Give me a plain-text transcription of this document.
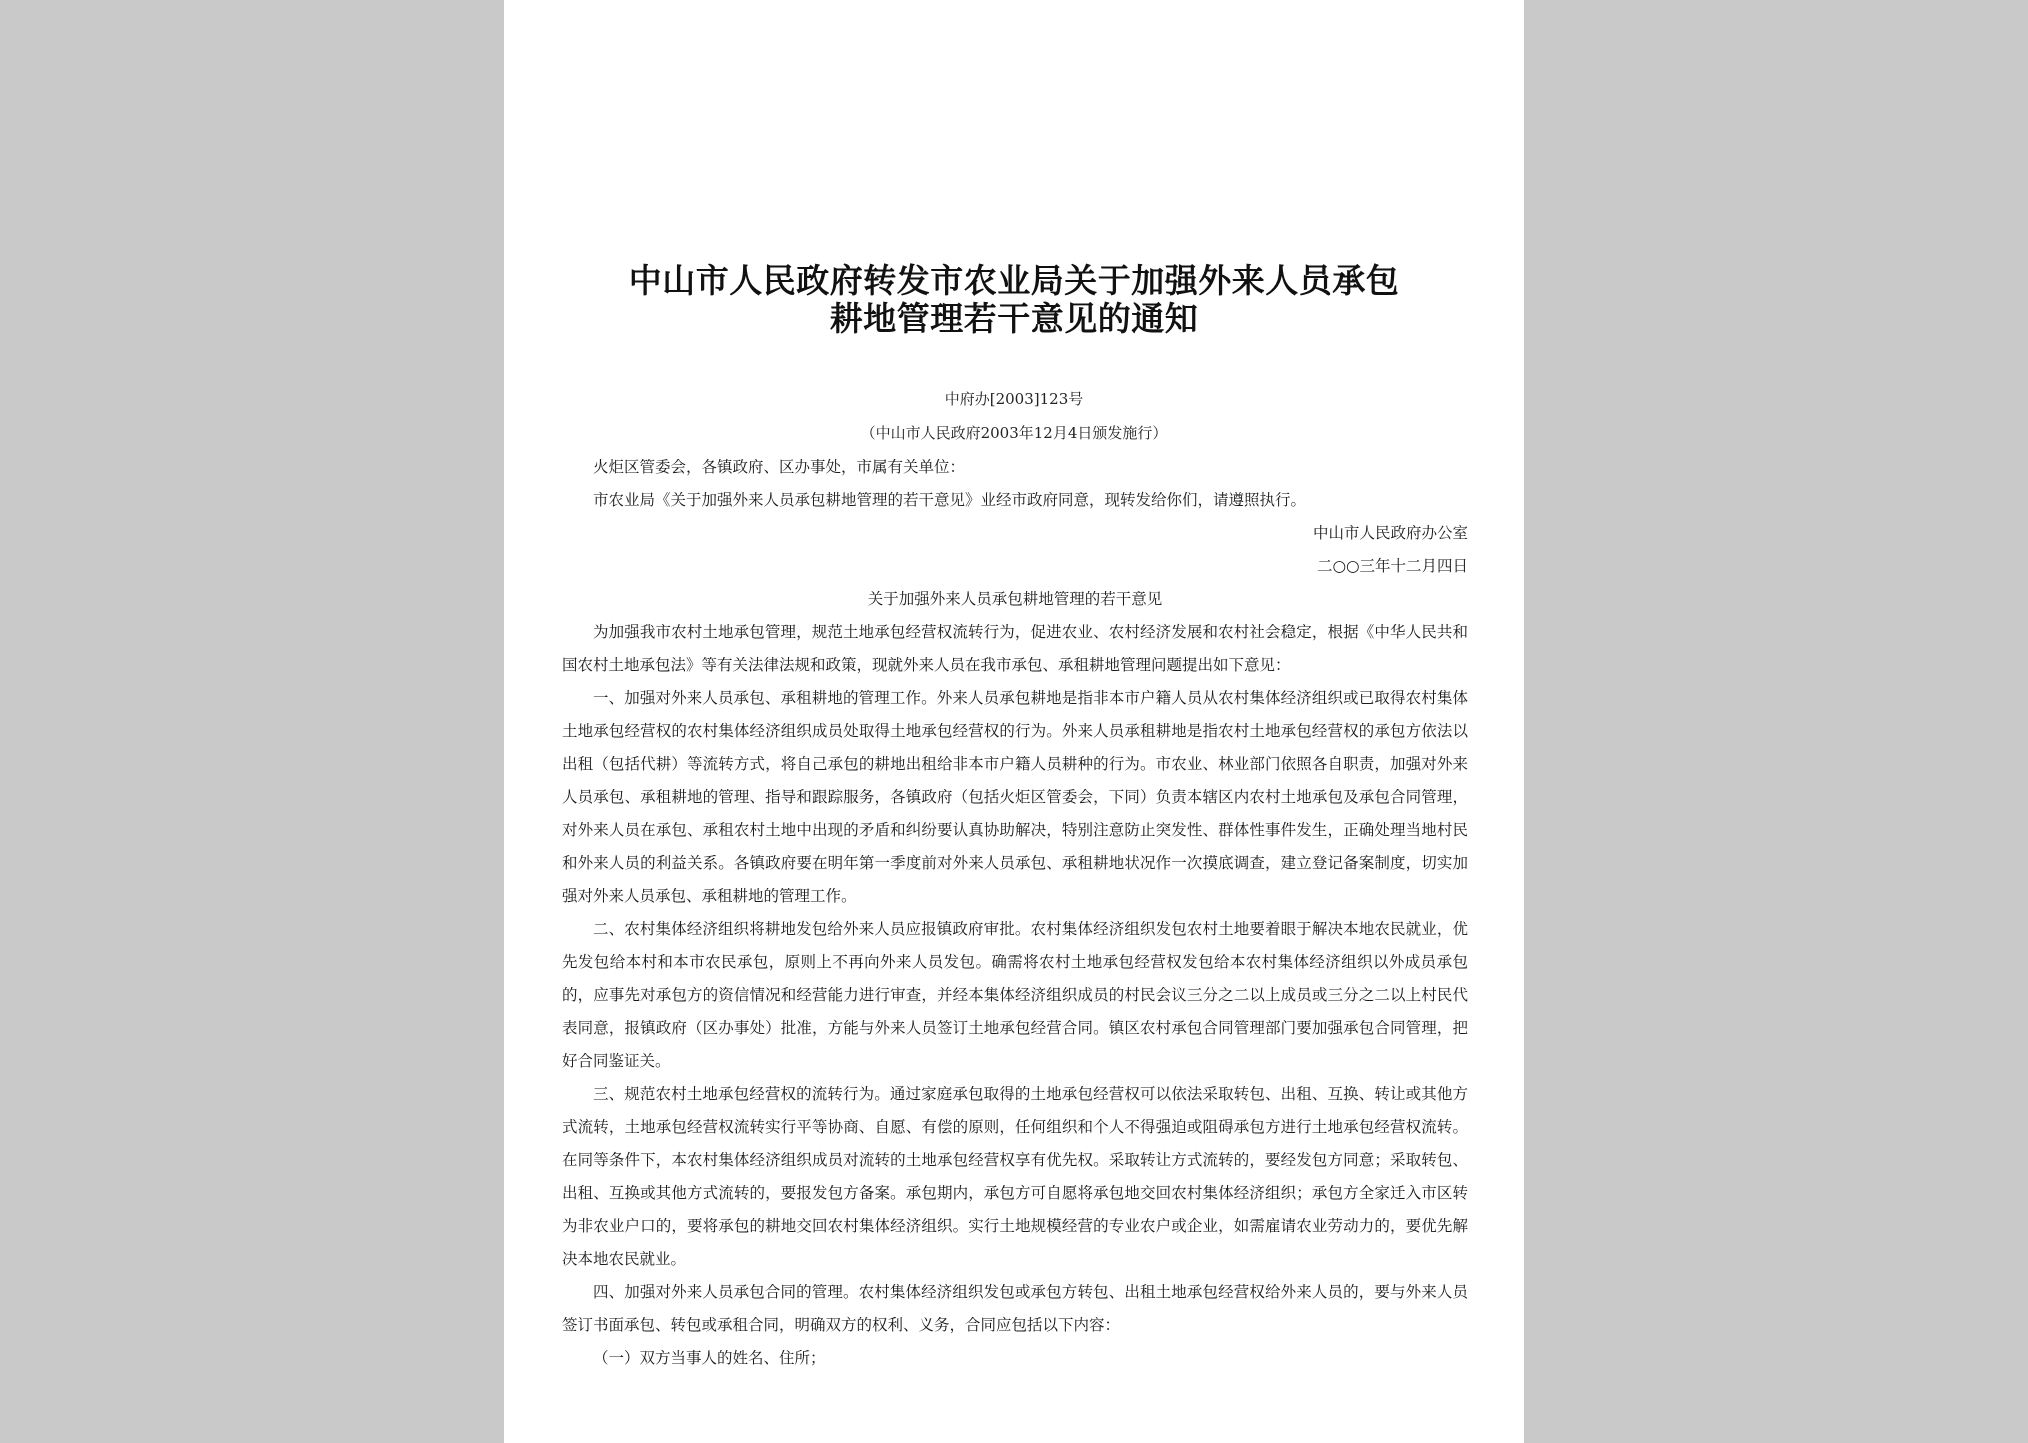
中山市人民政府转发市农业局关于加强外来人员承包
耕地管理若干意见的通知
中府办[2003]123号
（中山市人民政府2003年12月4日颁发施行）

火炬区管委会，各镇政府、区办事处，市属有关单位：

市农业局《关于加强外来人员承包耕地管理的若干意见》业经市政府同意，现转发给你们，请遵照执行。

中山市人民政府办公室

二○○三年十二月四日

关于加强外来人员承包耕地管理的若干意见

为加强我市农村土地承包管理，规范土地承包经营权流转行为，促进农业、农村经济发展和农村社会稳定，根据《中华人民共和国农村土地承包法》等有关法律法规和政策，现就外来人员在我市承包、承租耕地管理问题提出如下意见：

一、加强对外来人员承包、承租耕地的管理工作。外来人员承包耕地是指非本市户籍人员从农村集体经济组织或已取得农村集体土地承包经营权的农村集体经济组织成员处取得土地承包经营权的行为。外来人员承租耕地是指农村土地承包经营权的承包方依法以出租（包括代耕）等流转方式，将自己承包的耕地出租给非本市户籍人员耕种的行为。市农业、林业部门依照各自职责，加强对外来人员承包、承租耕地的管理、指导和跟踪服务，各镇政府（包括火炬区管委会，下同）负责本辖区内农村土地承包及承包合同管理，对外来人员在承包、承租农村土地中出现的矛盾和纠纷要认真协助解决，特别注意防止突发性、群体性事件发生，正确处理当地村民和外来人员的利益关系。各镇政府要在明年第一季度前对外来人员承包、承租耕地状况作一次摸底调查，建立登记备案制度，切实加强对外来人员承包、承租耕地的管理工作。

二、农村集体经济组织将耕地发包给外来人员应报镇政府审批。农村集体经济组织发包农村土地要着眼于解决本地农民就业，优先发包给本村和本市农民承包，原则上不再向外来人员发包。确需将农村土地承包经营权发包给本农村集体经济组织以外成员承包的，应事先对承包方的资信情况和经营能力进行审查，并经本集体经济组织成员的村民会议三分之二以上成员或三分之二以上村民代表同意，报镇政府（区办事处）批准，方能与外来人员签订土地承包经营合同。镇区农村承包合同管理部门要加强承包合同管理，把好合同鉴证关。

三、规范农村土地承包经营权的流转行为。通过家庭承包取得的土地承包经营权可以依法采取转包、出租、互换、转让或其他方式流转，土地承包经营权流转实行平等协商、自愿、有偿的原则，任何组织和个人不得强迫或阻碍承包方进行土地承包经营权流转。在同等条件下，本农村集体经济组织成员对流转的土地承包经营权享有优先权。采取转让方式流转的，要经发包方同意；采取转包、出租、互换或其他方式流转的，要报发包方备案。承包期内，承包方可自愿将承包地交回农村集体经济组织；承包方全家迁入市区转为非农业户口的，要将承包的耕地交回农村集体经济组织。实行土地规模经营的专业农户或企业，如需雇请农业劳动力的，要优先解决本地农民就业。

四、加强对外来人员承包合同的管理。农村集体经济组织发包或承包方转包、出租土地承包经营权给外来人员的，要与外来人员签订书面承包、转包或承租合同，明确双方的权利、义务，合同应包括以下内容：

（一）双方当事人的姓名、住所；
